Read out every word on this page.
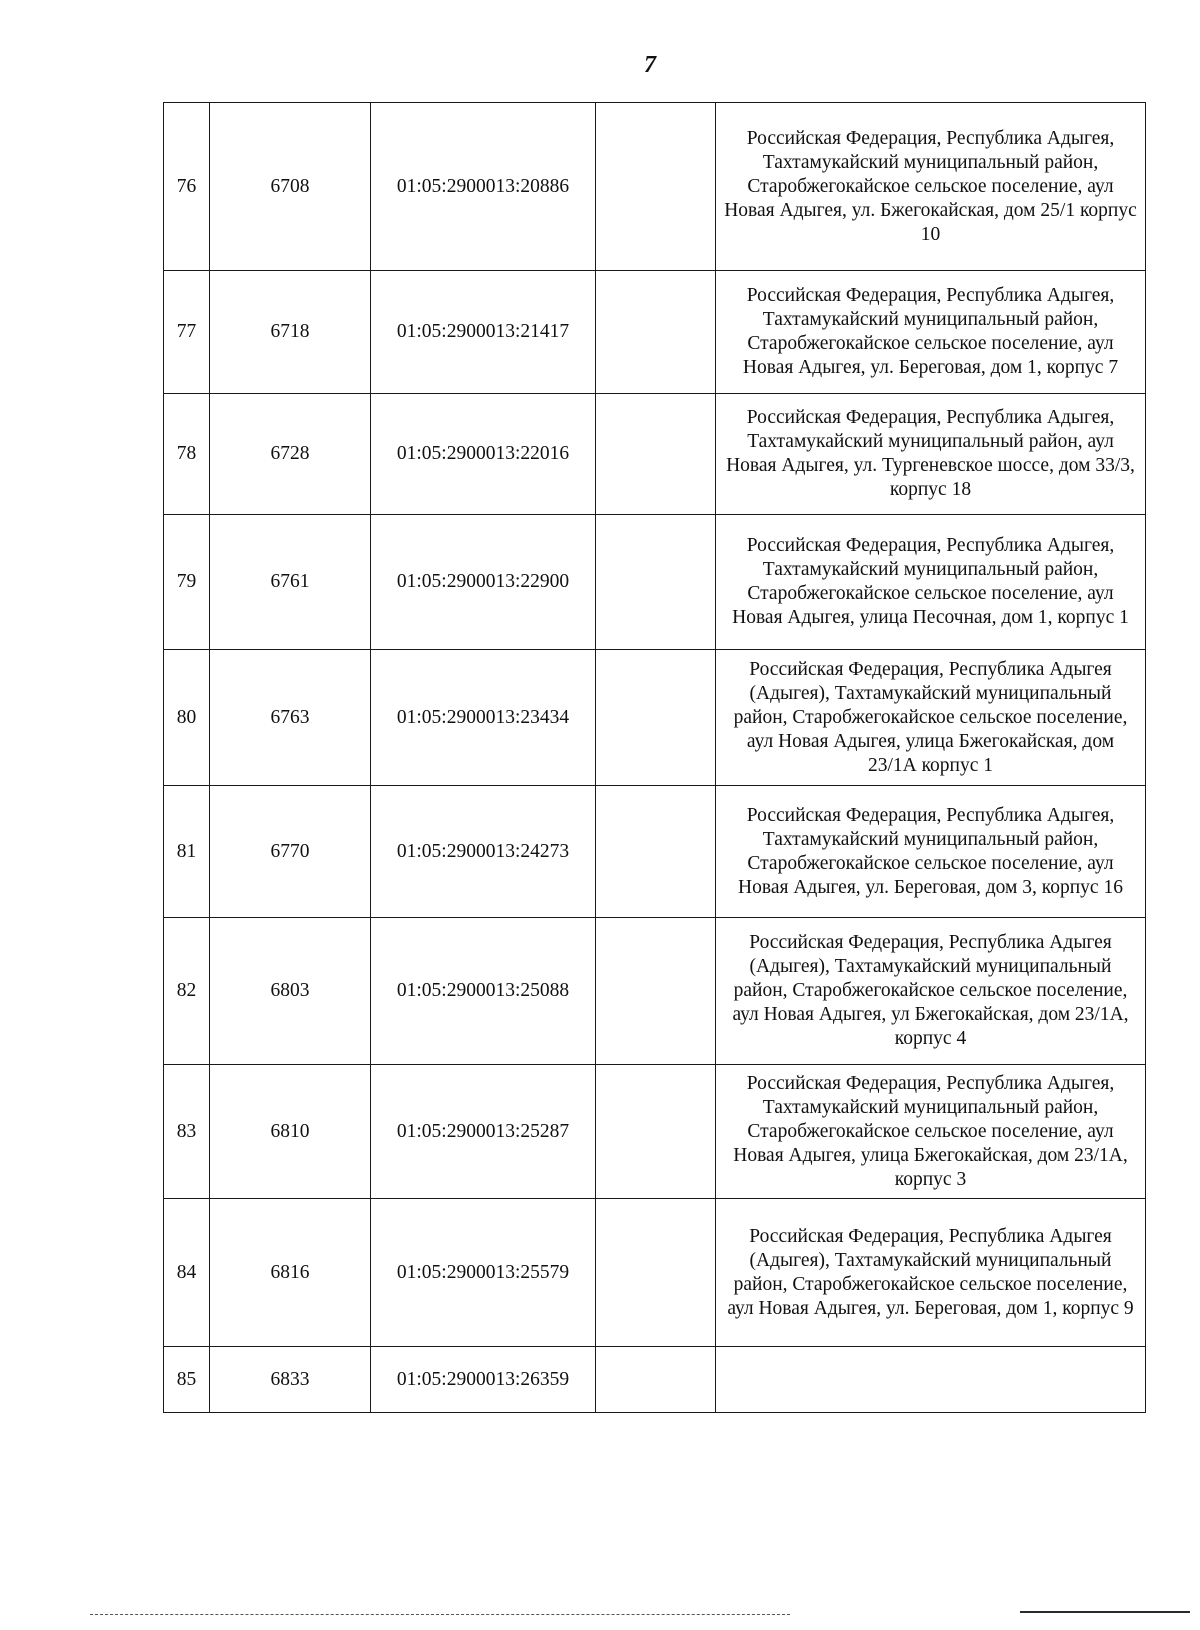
7
76	6708	01:05:2900013:20886		Российская Федерация, Республика Адыгея, Тахтамукайский муниципальный район, Старобжегокайское сельское поселение, аул Новая Адыгея, ул. Бжегокайская, дом 25/1 корпус 10
77	6718	01:05:2900013:21417		Российская Федерация, Республика Адыгея, Тахтамукайский муниципальный район, Старобжегокайское сельское поселение, аул Новая Адыгея, ул. Береговая, дом 1, корпус 7
78	6728	01:05:2900013:22016		Российская Федерация, Республика Адыгея, Тахтамукайский муниципальный район, аул Новая Адыгея, ул. Тургеневское шоссе, дом 33/3, корпус 18
79	6761	01:05:2900013:22900		Российская Федерация, Республика Адыгея, Тахтамукайский муниципальный район, Старобжегокайское сельское поселение, аул Новая Адыгея, улица Песочная, дом 1, корпус 1
80	6763	01:05:2900013:23434		Российская Федерация, Республика Адыгея (Адыгея), Тахтамукайский муниципальный район, Старобжегокайское сельское поселение, аул Новая Адыгея, улица Бжегокайская, дом 23/1А корпус 1
81	6770	01:05:2900013:24273		Российская Федерация, Республика Адыгея, Тахтамукайский муниципальный район, Старобжегокайское сельское поселение, аул Новая Адыгея, ул. Береговая, дом 3, корпус 16
82	6803	01:05:2900013:25088		Российская Федерация, Республика Адыгея (Адыгея), Тахтамукайский муниципальный район, Старобжегокайское сельское поселение, аул Новая Адыгея, ул Бжегокайская, дом 23/1А, корпус 4
83	6810	01:05:2900013:25287		Российская Федерация, Республика Адыгея, Тахтамукайский муниципальный район, Старобжегокайское сельское поселение, аул Новая Адыгея, улица Бжегокайская, дом 23/1А, корпус 3
84	6816	01:05:2900013:25579		Российская Федерация, Республика Адыгея (Адыгея), Тахтамукайский муниципальный район, Старобжегокайское сельское поселение, аул Новая Адыгея, ул. Береговая, дом 1, корпус 9
85	6833	01:05:2900013:26359		
